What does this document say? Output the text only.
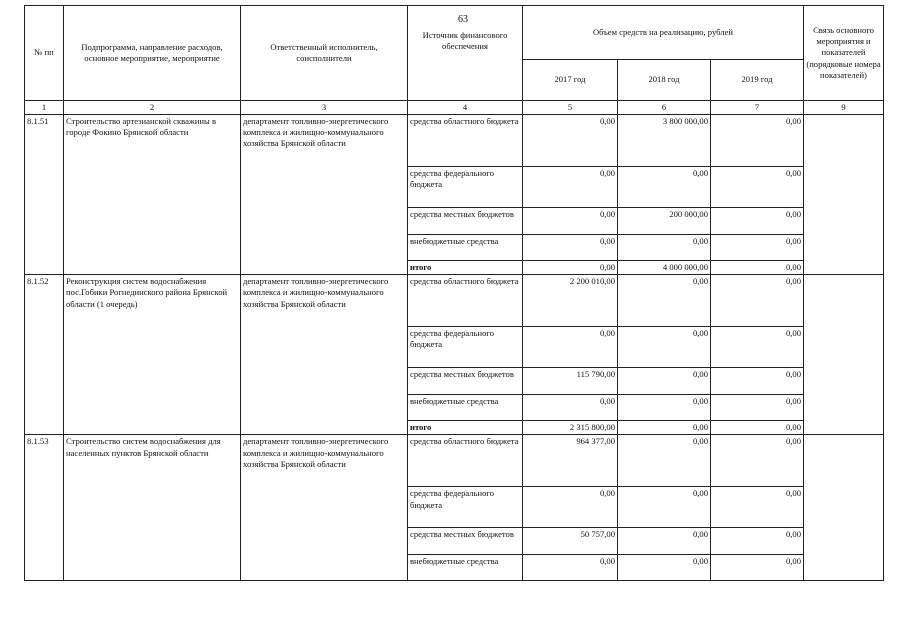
63
№ пп	Подпрограмма, направление расходов, основное мероприятие, мероприятие	Ответственный исполнитель, соисполнители	Источник финансового обеспечения	Объем средств на реализацию, рублей			Связь основного мероприятия и показателей (порядковые номера показателей)
				2017 год	2018 год	2019 год	
1	2	3	4	5	6	7	9
8.1.51	Строительство артезианской скважины в городе Фокино Брянской области	департамент топливно-энергетического комплекса и жилищно-коммунального хозяйства Брянской области	средства областного бюджета	0,00	3 800 000,00	0,00	
			средства федерального бюджета	0,00	0,00	0,00	
			средства местных бюджетов	0,00	200 000,00	0,00	
			внебюджетные средства	0,00	0,00	0,00	
			итого	0,00	4 000 000,00	0,00	
8.1.52	Реконструкция систем водоснабжения пос.Гобики Рогнединского района Брянской области (1 очередь)	департамент топливно-энергетического комплекса и жилищно-коммунального хозяйства Брянской области	средства областного бюджета	2 200 010,00	0,00	0,00	
			средства федерального бюджета	0,00	0,00	0,00	
			средства местных бюджетов	115 790,00	0,00	0,00	
			внебюджетные средства	0,00	0,00	0,00	
			итого	2 315 800,00	0,00	0,00	
8.1.53	Строительство систем водоснабжения для населенных пунктов Брянской области	департамент топливно-энергетического комплекса и жилищно-коммунального хозяйства Брянской области	средства областного бюджета	964 377,00	0,00	0,00	
			средства федерального бюджета	0,00	0,00	0,00	
			средства местных бюджетов	50 757,00	0,00	0,00	
			внебюджетные средства	0,00	0,00	0,00	
